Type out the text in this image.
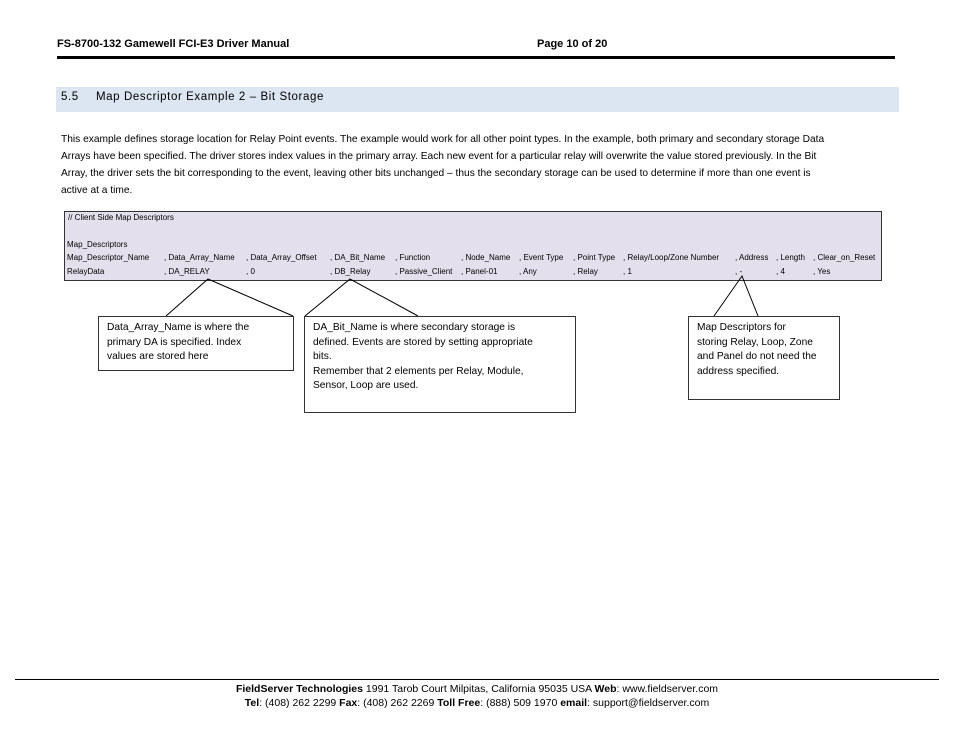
FS-8700-132 Gamewell FCI-E3 Driver Manual	Page 10 of 20
5.5 Map Descriptor Example 2 – Bit Storage
This example defines storage location for Relay Point events. The example would work for all other point types. In the example, both primary and secondary storage Data
Arrays have been specified. The driver stores index values in the primary array. Each new event for a particular relay will overwrite the value stored previously. In the Bit
Array, the driver sets the bit corresponding to the event, leaving other bits unchanged – thus the secondary storage can be used to determine if more than one event is
active at a time.
// Client Side Map Descriptors
Map_Descriptors
Map_Descriptor_Name , Data_Array_Name , Data_Array_Offset , DA_Bit_Name , Function	, Node_Name , Event Type , Point Type , Relay/Loop/Zone Number , Address , Length , Clear_on_Reset
RelayData	, DA_RELAY	, 0	, DB_Relay	, Passive_Client , Panel-01	, Any	, Relay	, 1	, -	, 4	, Yes
Data_Array_Name is where the
primary DA is specified. Index
values are stored here
DA_Bit_Name is where secondary storage is
defined. Events are stored by setting appropriate
bits.
Remember that 2 elements per Relay, Module,
Sensor, Loop are used.
Map Descriptors for
storing Relay, Loop, Zone
and Panel do not need the
address specified.
FieldServer Technologies 1991 Tarob Court Milpitas, California 95035 USA Web: www.fieldserver.com
Tel: (408) 262 2299 Fax: (408) 262 2269 Toll Free: (888) 509 1970 email: support@fieldserver.com
